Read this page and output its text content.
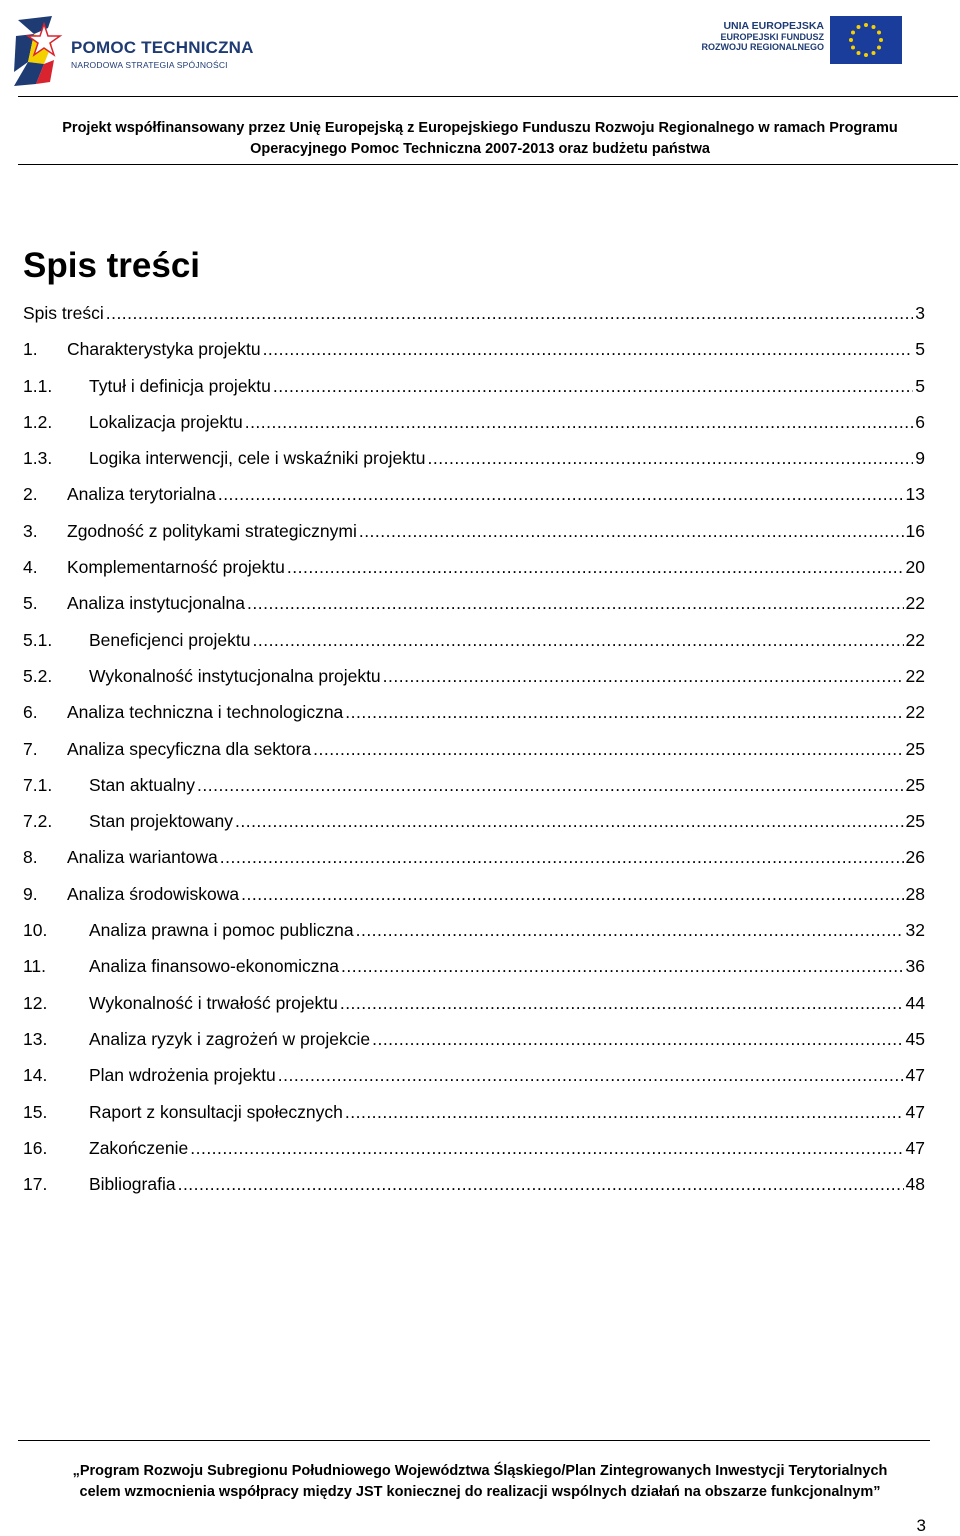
POMOC TECHNICZNA
NARODOWA STRATEGIA SPÓJNOŚCI
UNIA EUROPEJSKA
EUROPEJSKI FUNDUSZ
ROZWOJU REGIONALNEGO
Projekt współfinansowany przez Unię Europejską z Europejskiego Funduszu Rozwoju Regionalnego w ramach Programu
Operacyjnego Pomoc Techniczna 2007-2013 oraz budżetu państwa
Spis treści
Spis treści .....	3
1.	Charakterystyka projektu .....	5
1.1.	Tytuł i definicja projektu .....	5
1.2.	Lokalizacja projektu .....	6
1.3.	Logika interwencji, cele i wskaźniki projektu .....	9
2.	Analiza terytorialna .....	13
3.	Zgodność z politykami strategicznymi .....	16
4.	Komplementarność projektu .....	20
5.	Analiza instytucjonalna .....	22
5.1.	Beneficjenci projektu .....	22
5.2.	Wykonalność instytucjonalna projektu .....	22
6.	Analiza techniczna i technologiczna .....	22
7.	Analiza specyficzna dla sektora .....	25
7.1.	Stan aktualny .....	25
7.2.	Stan projektowany .....	25
8.	Analiza wariantowa .....	26
9.	Analiza środowiskowa .....	28
10.	Analiza prawna i pomoc publiczna .....	32
11.	Analiza finansowo-ekonomiczna .....	36
12.	Wykonalność i trwałość projektu .....	44
13.	Analiza ryzyk i zagrożeń w projekcie .....	45
14.	Plan wdrożenia projektu .....	47
15.	Raport z konsultacji społecznych .....	47
16.	Zakończenie .....	47
17.	Bibliografia .....	48
„Program Rozwoju Subregionu Południowego Województwa Śląskiego/Plan Zintegrowanych Inwestycji Terytorialnych
celem wzmocnienia współpracy między JST koniecznej do realizacji wspólnych działań na obszarze funkcjonalnym”
3
